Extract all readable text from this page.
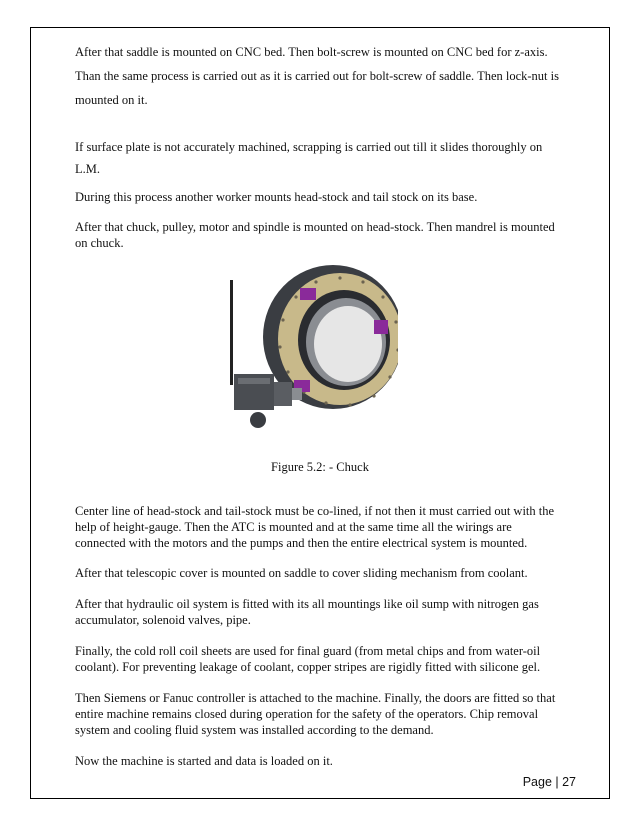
After that saddle is mounted on CNC bed. Then bolt-screw is mounted on CNC bed for z-axis. Than the same process is carried out as it is carried out for bolt-screw of saddle. Then lock-nut is mounted on it.
If surface plate is not accurately machined, scrapping is carried out till it slides thoroughly on L.M.
During this process another worker mounts head-stock and tail stock on its base.
After that chuck, pulley, motor and spindle is mounted on head-stock. Then mandrel is mounted on chuck.
Figure 5.2: - Chuck
Center line of head-stock and tail-stock must be co-lined, if not then it must carried out with the help of height-gauge. Then the ATC is mounted and at the same time all the wirings are connected with the motors and the pumps and then the entire electrical system is mounted.
After that telescopic cover is mounted on saddle to cover sliding mechanism from coolant.
After that hydraulic oil system is fitted with its all mountings like oil sump with nitrogen gas accumulator, solenoid valves, pipe.
Finally, the cold roll coil sheets are used for final guard (from metal chips and from water-oil coolant). For preventing leakage of coolant, copper stripes are rigidly fitted with silicone gel.
Then Siemens or Fanuc controller is attached to the machine. Finally, the doors are fitted so that entire machine remains closed during operation for the safety of the operators. Chip removal system and cooling fluid system was installed according to the demand.
Now the machine is started and data is loaded on it.
Page | 27
